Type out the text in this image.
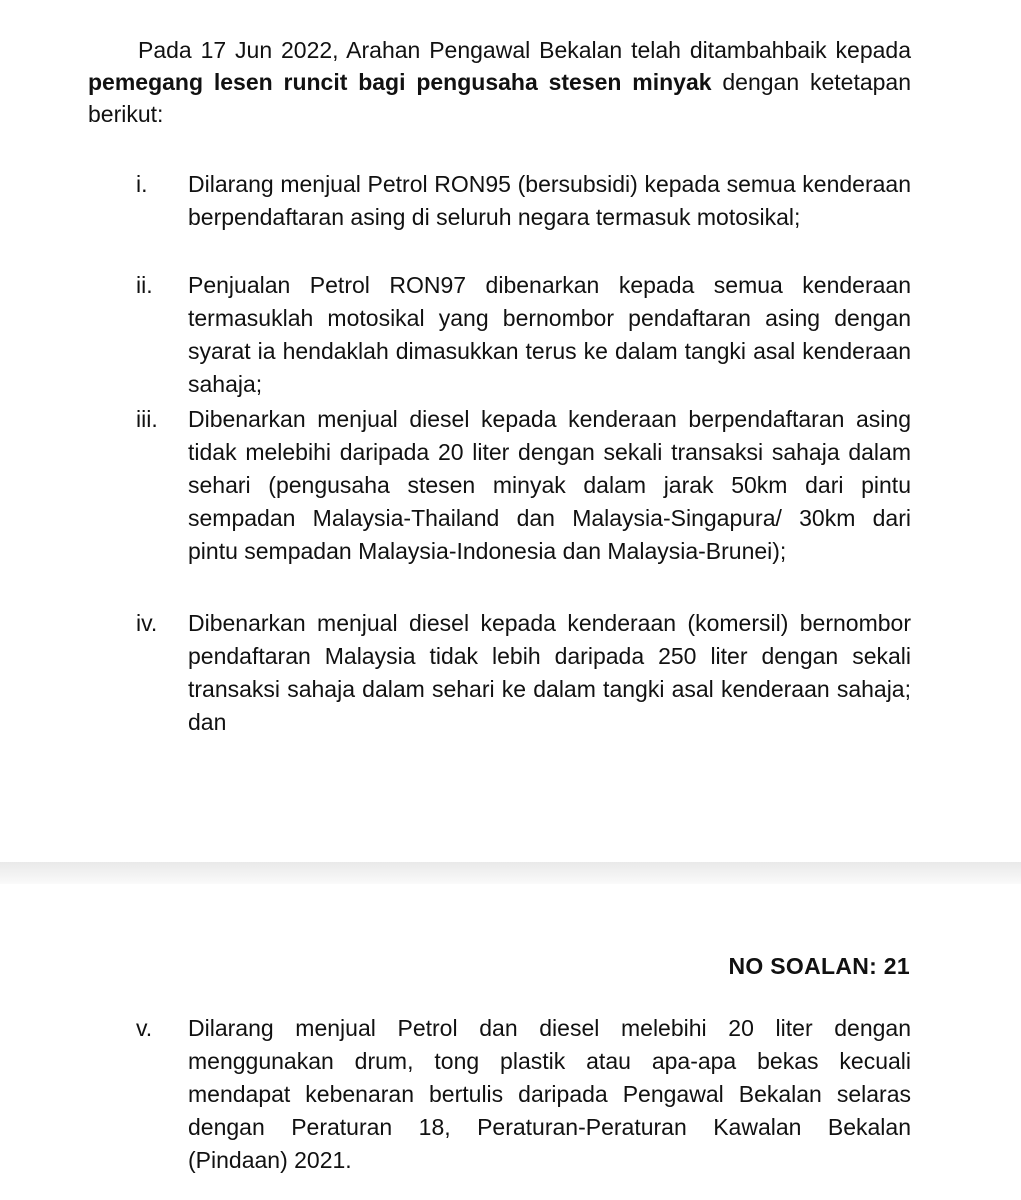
Pada 17 Jun 2022, Arahan Pengawal Bekalan telah ditambahbaik kepada pemegang lesen runcit bagi pengusaha stesen minyak dengan ketetapan berikut:

i.	Dilarang menjual Petrol RON95 (bersubsidi) kepada semua kenderaan berpendaftaran asing di seluruh negara termasuk motosikal;
ii.	Penjualan Petrol RON97 dibenarkan kepada semua kenderaan termasuklah motosikal yang bernombor pendaftaran asing dengan syarat ia hendaklah dimasukkan terus ke dalam tangki asal kenderaan sahaja;
iii.	Dibenarkan menjual diesel kepada kenderaan berpendaftaran asing tidak melebihi daripada 20 liter dengan sekali transaksi sahaja dalam sehari (pengusaha stesen minyak dalam jarak 50km dari pintu sempadan Malaysia-Thailand dan Malaysia-Singapura/ 30km dari pintu sempadan Malaysia-Indonesia dan Malaysia-Brunei);
iv.	Dibenarkan menjual diesel kepada kenderaan (komersil) bernombor pendaftaran Malaysia tidak lebih daripada 250 liter dengan sekali transaksi sahaja dalam sehari ke dalam tangki asal kenderaan sahaja; dan
NO SOALAN: 21
v.	Dilarang menjual Petrol dan diesel melebihi 20 liter dengan menggunakan drum, tong plastik atau apa-apa bekas kecuali mendapat kebenaran bertulis daripada Pengawal Bekalan selaras dengan Peraturan 18, Peraturan-Peraturan Kawalan Bekalan (Pindaan) 2021.
